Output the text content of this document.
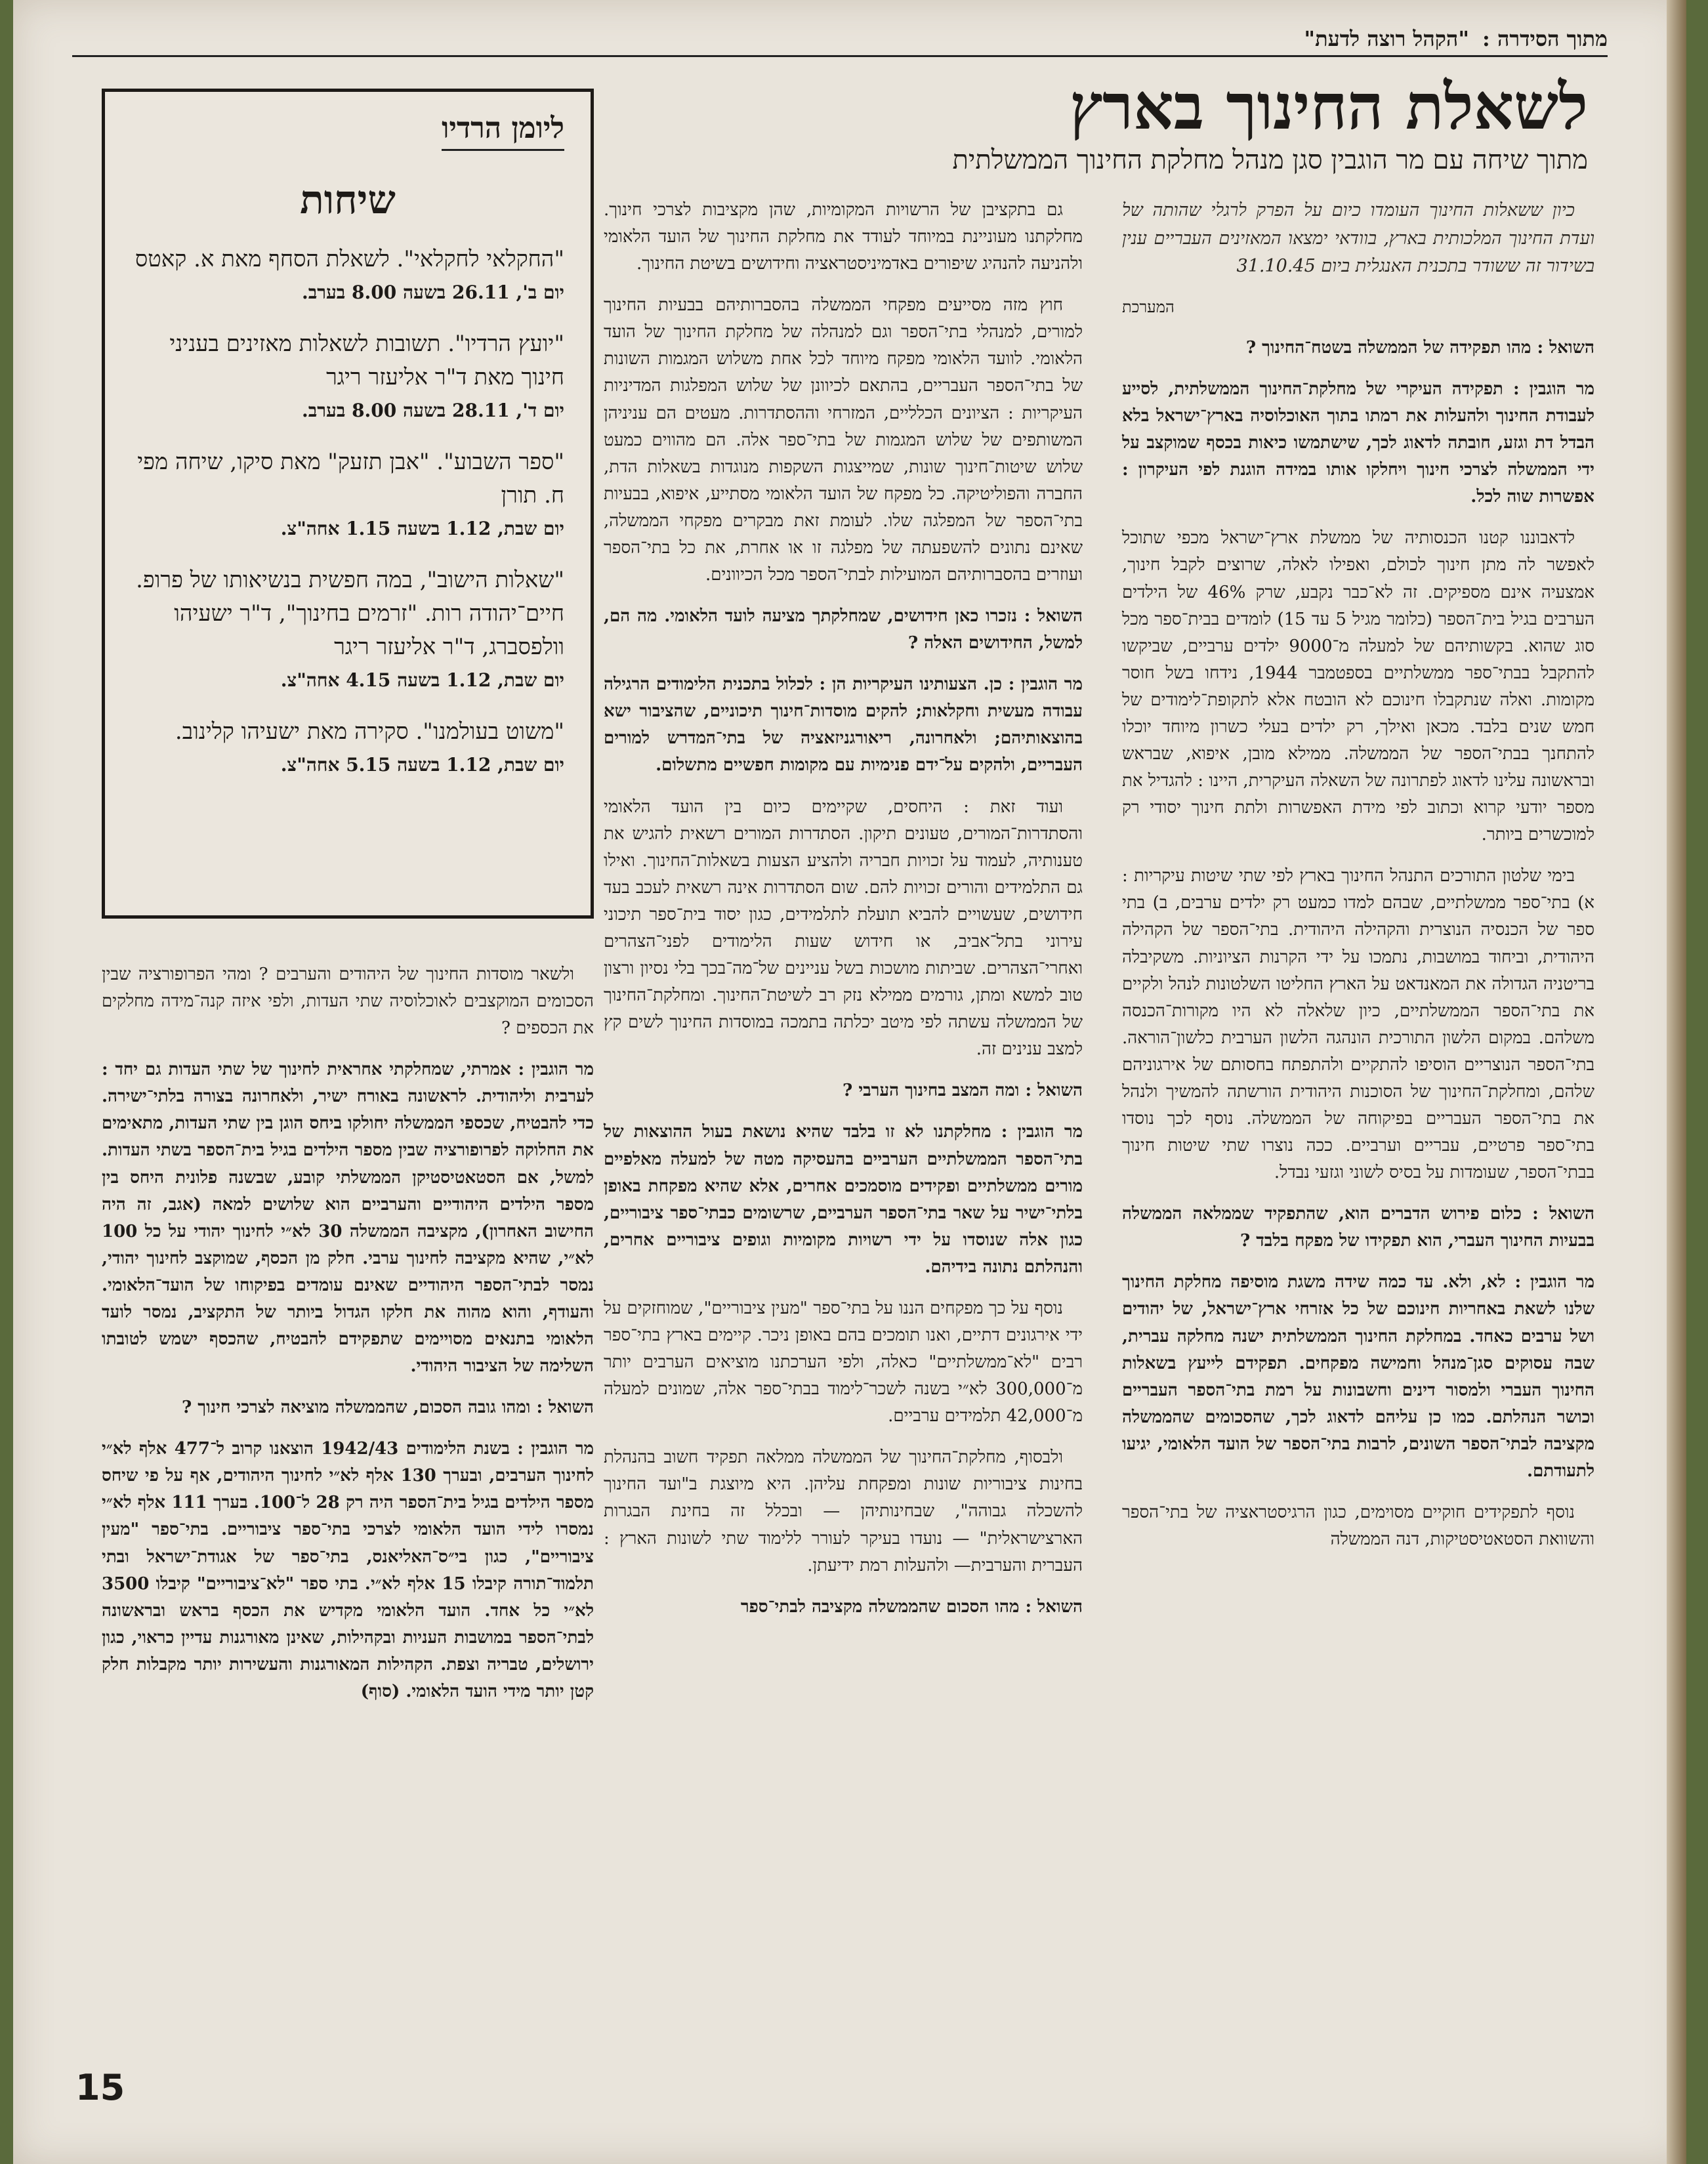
מתוך הסידרה :
"הקהל רוצה לדעת"
לשאלת החינוך בארץ
מתוך שיחה עם מר הוגבין סגן מנהל מחלקת החינוך הממשלתית

כיון ששאלות החינוך העומדו כיום על הפרק לרגלי שהותה של ועדת החינוך המלכותית בארץ, בוודאי ימצאו המאזינים העבריים ענין בשידור זה ששודר בתכנית האנגלית ביום 31.10.45

המערכת

השואל : מהו תפקידה של הממשלה בשטח־החינוך ?

מר הוגבין : תפקידה העיקרי של מחלקת־החינוך הממשלתית, לסייע לעבודת החינוך ולהעלות את רמתו בתוך האוכלוסיה בארץ־ישראל בלא הבדל דת וגזע, חובתה לדאוג לכך, שישתמשו כיאות בכסף שמוקצב על ידי הממשלה לצרכי חינוך ויחלקו אותו במידה הוגנת לפי העיקרון : אפשרות שוה לכל.

לדאבוננו קטנו הכנסותיה של ממשלת ארץ־ישראל מכפי שתוכל לאפשר לה מתן חינוך לכולם, ואפילו לאלה, שרוצים לקבל חינוך, אמצעיה אינם מספיקים. זה לא־כבר נקבע, שרק 46% של הילדים הערבים בגיל בית־הספר (כלומר מגיל 5 עד 15) לומדים בבית־ספר מכל סוג שהוא. בקשותיהם של למעלה מ־9000 ילדים ערביים, שביקשו להתקבל בבתי־ספר ממשלתיים בספטמבר 1944, נידחו בשל חוסר מקומות. ואלה שנתקבלו חינוכם לא הובטח אלא לתקופת־לימודים של חמש שנים בלבד. מכאן ואילך, רק ילדים בעלי כשרון מיוחד יוכלו להתחנך בבתי־הספר של הממשלה. ממילא מובן, איפוא, שבראש ובראשונה עלינו לדאוג לפתרונה של השאלה העיקרית, היינו : להגדיל את מספר יודעי קרוא וכתוב לפי מידת האפשרות ולתת חינוך יסודי רק למוכשרים ביותר.

בימי שלטון התורכים התנהל החינוך בארץ לפי שתי שיטות עיקריות : א) בתי־ספר ממשלתיים, שבהם למדו כמעט רק ילדים ערבים, ב) בתי ספר של הכנסיה הנוצרית והקהילה היהודית. בתי־הספר של הקהילה היהודית, וביחוד במושבות, נתמכו על ידי הקרנות הציוניות. משקיבלה בריטניה הגדולה את המאנדאט על הארץ החליטו השלטונות לנהל ולקיים את בתי־הספר הממשלתיים, כיון שלאלה לא היו מקורות־הכנסה משלהם. במקום הלשון התורכית הונהגה הלשון הערבית כלשון־הוראה. בתי־הספר הנוצריים הוסיפו להתקיים ולהתפתח בחסותם של אירגוניהם שלהם, ומחלקת־החינוך של הסוכנות היהודית הורשתה להמשיך ולנהל את בתי־הספר העבריים בפיקוחה של הממשלה. נוסף לכך נוסדו בתי־ספר פרטיים, עבריים וערביים. ככה נוצרו שתי שיטות חינוך בבתי־הספר, שעומדות על בסיס לשוני וגזעי נבדל.

השואל : כלום פירוש הדברים הוא, שהתפקיד שממלאה הממשלה בבעיות החינוך העברי, הוא תפקידו של מפקח בלבד ?

מר הוגבין : לא, ולא. עד כמה שידה משגת מוסיפה מחלקת החינוך שלנו לשאת באחריות חינוכם של כל אזרחי ארץ־ישראל, של יהודים ושל ערבים כאחד. במחלקת החינוך הממשלתית ישנה מחלקה עברית, שבה עסוקים סגן־מנהל וחמישה מפקחים. תפקידם לייעץ בשאלות החינוך העברי ולמסור דינים וחשבונות על רמת בתי־הספר העבריים וכושר הנהלתם. כמו כן עליהם לדאוג לכך, שהסכומים שהממשלה מקציבה לבתי־הספר השונים, לרבות בתי־הספר של הועד הלאומי, יגיעו לתעודתם.

נוסף לתפקידים חוקיים מסוימים, כגון הרגיסטראציה של בתי־הספר והשוואת הסטאטיסטיקות, דנה הממשלה

גם בתקציבן של הרשויות המקומיות, שהן מקציבות לצרכי חינוך. מחלקתנו מעוניינת במיוחד לעודד את מחלקת החינוך של הועד הלאומי ולהניעה להנהיג שיפורים באדמיניסטראציה וחידושים בשיטת החינוך.

חוץ מזה מסייעים מפקחי הממשלה בהסברותיהם בבעיות החינוך למורים, למנהלי בתי־הספר וגם למנהלה של מחלקת החינוך של הועד הלאומי. לוועד הלאומי מפקח מיוחד לכל אחת משלוש המגמות השונות של בתי־הספר העבריים, בהתאם לכיוונן של שלוש המפלגות המדיניות העיקריות : הציונים הכלליים, המזרחי וההסתדרות. מעטים הם עניניהן המשותפים של שלוש המגמות של בתי־ספר אלה. הם מהווים כמעט שלוש שיטות־חינוך שונות, שמייצגות השקפות מנוגדות בשאלות הדת, החברה והפוליטיקה. כל מפקח של הועד הלאומי מסתייע, איפוא, בבעיות בתי־הספר של המפלגה שלו. לעומת זאת מבקרים מפקחי הממשלה, שאינם נתונים להשפעתה של מפלגה זו או אחרת, את כל בתי־הספר ועוזרים בהסברותיהם המועילות לבתי־הספר מכל הכיוונים.

השואל : נזכרו כאן חידושים, שמחלקתך מציעה לועד הלאומי. מה הם, למשל, החידושים האלה ?

מר הוגבין : כן. הצעותינו העיקריות הן : לכלול בתכנית הלימודים הרגילה עבודה מעשית וחקלאות; להקים מוסדות־חינוך תיכוניים, שהציבור ישא בהוצאותיהם; ולאחרונה, ריאורגניזאציה של בתי־המדרש למורים העבריים, ולהקים על־ידם פנימיות עם מקומות חפשיים מתשלום.

ועוד זאת : היחסים, שקיימים כיום בין הועד הלאומי והסתדרות־המורים, טעונים תיקון. הסתדרות המורים רשאית להגיש את טענותיה, לעמוד על זכויות חבריה ולהציע הצעות בשאלות־החינוך. ואילו גם התלמידים והורים זכויות להם. שום הסתדרות אינה רשאית לעכב בעד חידושים, שעשויים להביא תועלת לתלמידים, כגון יסוד בית־ספר תיכוני עירוני בתל־אביב, או חידוש שעות הלימודים לפני־הצהרים ואחרי־הצהרים. שביתות מושכות בשל עניינים של־מה־בכך בלי נסיון ורצון טוב למשא ומתן, גורמים ממילא נזק רב לשיטת־החינוך. ומחלקת־החינוך של הממשלה עשתה לפי מיטב יכלתה בתמכה במוסדות החינוך לשים קץ למצב ענינים זה.

השואל : ומה המצב בחינוך הערבי ?

מר הוגבין : מחלקתנו לא זו בלבד שהיא נושאת בעול ההוצאות של בתי־הספר הממשלתיים הערביים בהעסיקה מטה של למעלה מאלפיים מורים ממשלתיים ופקידים מוסמכים אחרים, אלא שהיא מפקחת באופן בלתי־ישיר על שאר בתי־הספר הערביים, שרשומים כבתי־ספר ציבוריים, כגון אלה שנוסדו על ידי רשויות מקומיות וגופים ציבוריים אחרים, והנהלתם נתונה בידיהם.

נוסף על כך מפקחים הננו על בתי־ספר "מעין ציבוריים", שמוחזקים על ידי אירגונים דתיים, ואנו תומכים בהם באופן ניכר. קיימים בארץ בתי־ספר רבים "לא־ממשלתיים" כאלה, ולפי הערכתנו מוציאים הערבים יותר מ־300,000 לא״י בשנה לשכר־לימוד בבתי־ספר אלה, שמונים למעלה מ־42,000 תלמידים ערביים.

ולבסוף, מחלקת־החינוך של הממשלה ממלאה תפקיד חשוב בהנהלת בחינות ציבוריות שונות ומפקחת עליהן. היא מיוצגת ב"ועד החינוך להשכלה גבוהה", שבחינותיהן — ובכלל זה בחינת הבגרות הארצישראלית" — נועדו בעיקר לעורר ללימוד שתי לשונות הארץ : העברית והערבית— ולהעלות רמת ידיעתן.

השואל : מהו הסכום שהממשלה מקציבה לבתי־ספר

ליומן הרדיו
שיחות
"החקלאי לחקלאי". לשאלת הסחף מאת א. קאטס
יום ב', 26.11 בשעה 8.00 בערב.
"יועץ הרדיו". תשובות לשאלות מאזינים בעניני חינוך מאת ד"ר אליעזר ריגר
יום ד', 28.11 בשעה 8.00 בערב.
"ספר השבוע". "אבן תזעק" מאת סיקו, שיחה מפי ח. תורן
יום שבת, 1.12 בשעה 1.15 אחה"צ.
"שאלות הישוב", במה חפשית בנשיאותו של פרופ. חיים־יהודה רות. "זרמים בחינוך", ד"ר ישעיהו וולפסברג, ד"ר אליעזר ריגר
יום שבת, 1.12 בשעה 4.15 אחה"צ.
"משוט בעולמנו". סקירה מאת ישעיהו קלינוב.
יום שבת, 1.12 בשעה 5.15 אחה"צ.

ולשאר מוסדות החינוך של היהודים והערבים ? ומהי הפרופורציה שבין הסכומים המוקצבים לאוכלוסיה שתי העדות, ולפי איזה קנה־מידה מחלקים את הכספים ?

מר הוגבין : אמרתי, שמחלקתי אחראית לחינוך של שתי העדות גם יחד : לערבית וליהודית. לראשונה באורח ישיר, ולאחרונה בצורה בלתי־ישירה. כדי להבטיח, שכספי הממשלה יחולקו ביחס הוגן בין שתי העדות, מתאימים את החלוקה לפרופורציה שבין מספר הילדים בגיל בית־הספר בשתי העדות. למשל, אם הסטאטיסטיקן הממשלתי קובע, שבשנה פלונית היחס בין מספר הילדים היהודיים והערביים הוא שלושים למאה (אגב, זה היה החישוב האחרון), מקציבה הממשלה 30 לא״י לחינוך יהודי על כל 100 לא״י, שהיא מקציבה לחינוך ערבי. חלק מן הכסף, שמוקצב לחינוך יהודי, נמסר לבתי־הספר היהודיים שאינם עומדים בפיקוחו של הועד־הלאומי. והעודף, והוא מהוה את חלקו הגדול ביותר של התקציב, נמסר לועד הלאומי בתנאים מסויימים שתפקידם להבטיח, שהכסף ישמש לטובתו השלימה של הציבור היהודי.

השואל : ומהו גובה הסכום, שהממשלה מוציאה לצרכי חינוך ?

מר הוגבין : בשנת הלימודים 1942/43 הוצאנו קרוב ל־477 אלף לא״י לחינוך הערבים, ובערך 130 אלף לא״י לחינוך היהודים, אף על פי שיחס מספר הילדים בגיל בית־הספר היה רק 28 ל־100. בערך 111 אלף לא״י נמסרו לידי הועד הלאומי לצרכי בתי־ספר ציבוריים. בתי־ספר "מעין ציבוריים", כגון בי״ס־האליאנס, בתי־ספר של אגודת־ישראל ובתי תלמוד־תורה קיבלו 15 אלף לא״י. בתי ספר "לא־ציבוריים" קיבלו 3500 לא״י כל אחד. הועד הלאומי מקדיש את הכסף בראש ובראשונה לבתי־הספר במושבות העניות ובקהילות, שאינן מאורגנות עדיין כראוי, כגון ירושלים, טבריה וצפת. הקהילות המאורגנות והעשירות יותר מקבלות חלק קטן יותר מידי הועד הלאומי. (סוף)

15
